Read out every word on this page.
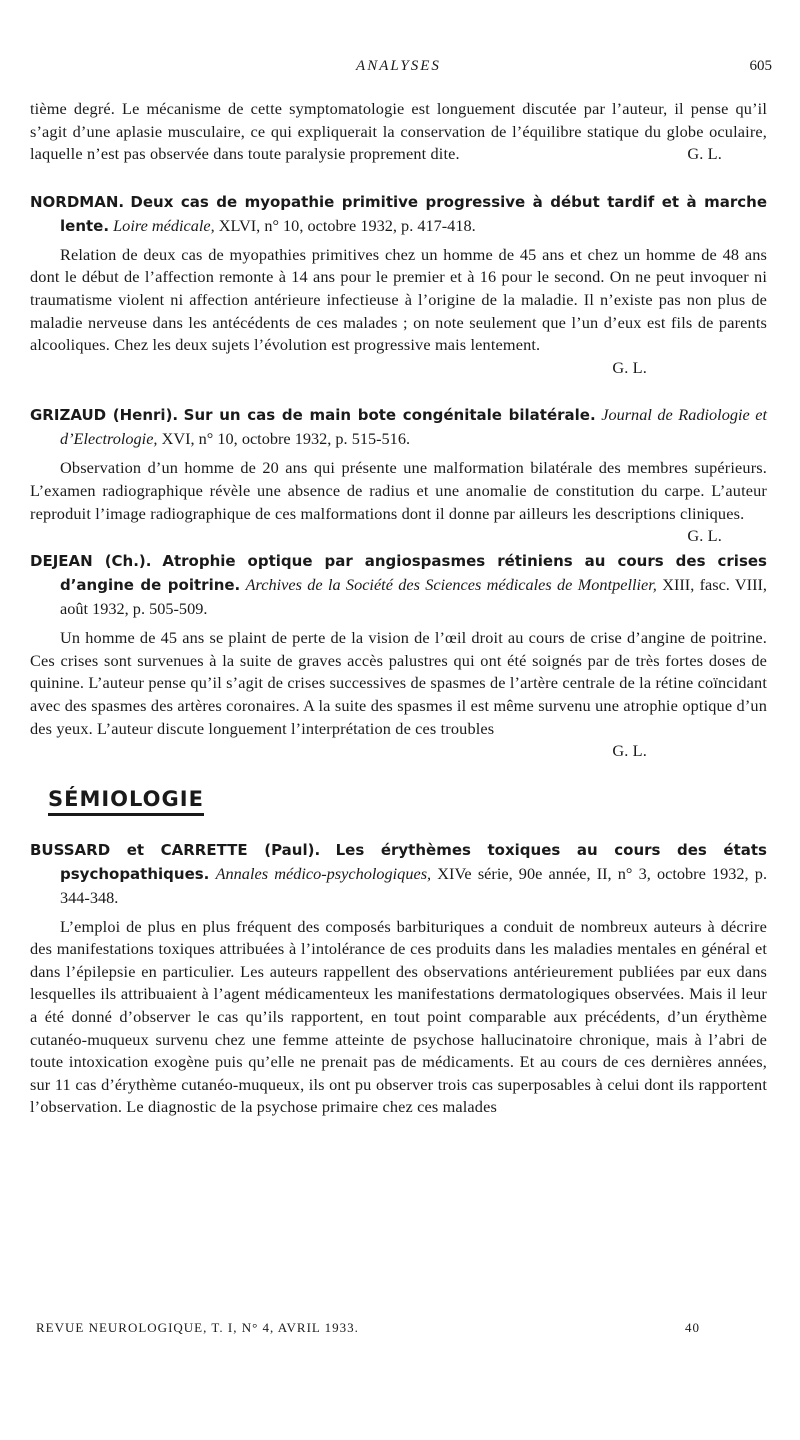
ANALYSES	605

tième degré. Le mécanisme de cette symptomatologie est longuement discutée par l’auteur, il pense qu’il s’agit d’une aplasie musculaire, ce qui expliquerait la conservation de l’équilibre statique du globe oculaire, laquelle n’est pas observée dans toute paralysie proprement dite.	G. L.

NORDMAN. Deux cas de myopathie primitive progressive à début tardif et à marche lente. Loire médicale, XLVI, n° 10, octobre 1932, p. 417-418.

Relation de deux cas de myopathies primitives chez un homme de 45 ans et chez un homme de 48 ans dont le début de l’affection remonte à 14 ans pour le premier et à 16 pour le second. On ne peut invoquer ni traumatisme violent ni affection antérieure infectieuse à l’origine de la maladie. Il n’existe pas non plus de maladie nerveuse dans les antécédents de ces malades ; on note seulement que l’un d’eux est fils de parents alcooliques. Chez les deux sujets l’évolution est progressive mais lentement.

G. L.

GRIZAUD (Henri). Sur un cas de main bote congénitale bilatérale. Journal de Radiologie et d’Electrologie, XVI, n° 10, octobre 1932, p. 515-516.

Observation d’un homme de 20 ans qui présente une malformation bilatérale des membres supérieurs. L’examen radiographique révèle une absence de radius et une anomalie de constitution du carpe. L’auteur reproduit l’image radiographique de ces malformations dont il donne par ailleurs les descriptions cliniques.
G. L.

DEJEAN (Ch.). Atrophie optique par angiospasmes rétiniens au cours des crises d’angine de poitrine. Archives de la Société des Sciences médicales de Montpellier, XIII, fasc. VIII, août 1932, p. 505-509.

Un homme de 45 ans se plaint de perte de la vision de l’œil droit au cours de crise d’angine de poitrine. Ces crises sont survenues à la suite de graves accès palustres qui ont été soignés par de très fortes doses de quinine. L’auteur pense qu’il s’agit de crises successives de spasmes de l’artère centrale de la rétine coïncidant avec des spasmes des artères coronaires. A la suite des spasmes il est même survenu une atrophie optique d’un des yeux. L’auteur discute longuement l’interprétation de ces troubles

G. L.

SÉMIOLOGIE
BUSSARD et CARRETTE (Paul). Les érythèmes toxiques au cours des états psychopathiques. Annales médico-psychologiques, XIVe série, 90e année, II, n° 3, octobre 1932, p. 344-348.

L’emploi de plus en plus fréquent des composés barbituriques a conduit de nombreux auteurs à décrire des manifestations toxiques attribuées à l’intolérance de ces produits dans les maladies mentales en général et dans l’épilepsie en particulier. Les auteurs rappellent des observations antérieurement publiées par eux dans lesquelles ils attribuaient à l’agent médicamenteux les manifestations dermatologiques observées. Mais il leur a été donné d’observer le cas qu’ils rapportent, en tout point comparable aux précédents, d’un érythème cutanéo-muqueux survenu chez une femme atteinte de psychose hallucinatoire chronique, mais à l’abri de toute intoxication exogène puis qu’elle ne prenait pas de médicaments. Et au cours de ces dernières années, sur 11 cas d’érythème cutanéo-muqueux, ils ont pu observer trois cas superposables à celui dont ils rapportent l’observation. Le diagnostic de la psychose primaire chez ces malades

REVUE NEUROLOGIQUE, T. I, N° 4, AVRIL 1933.	40
